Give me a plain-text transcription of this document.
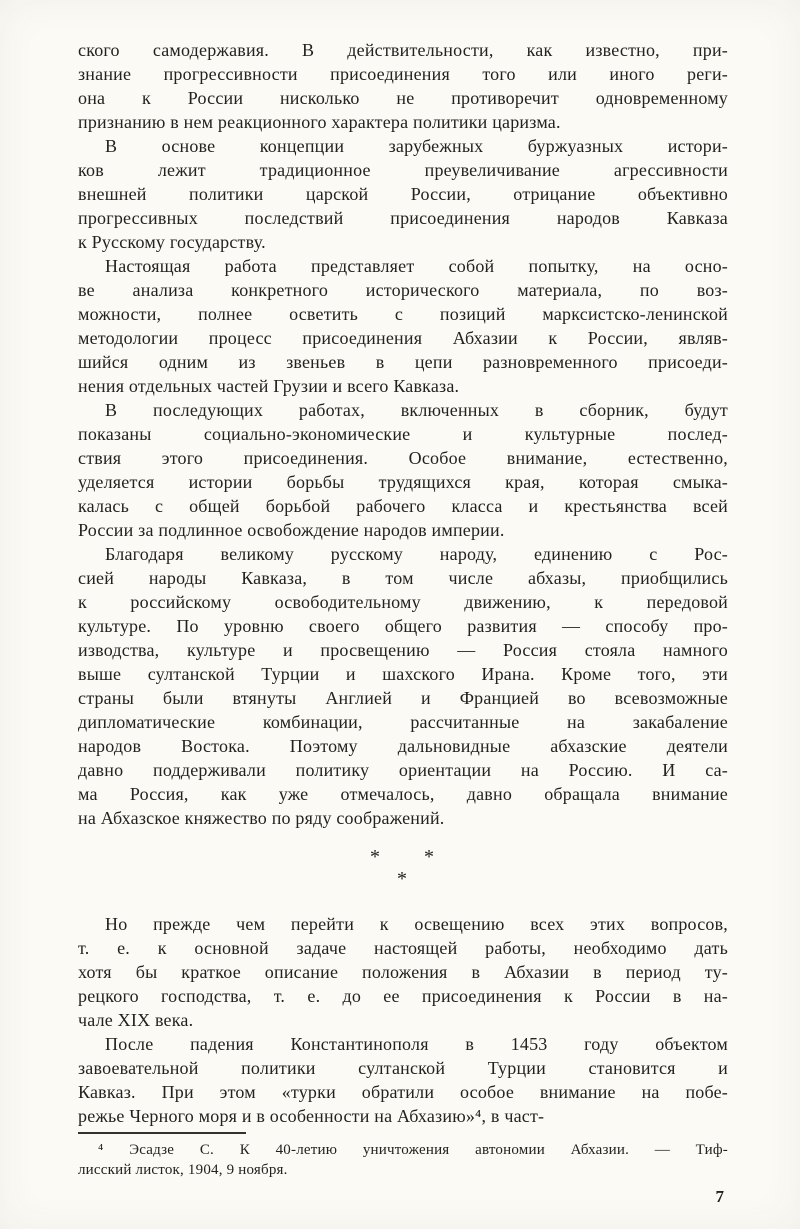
ского самодержавия. В действительности, как известно, при-
знание прогрессивности присоединения того или иного реги-
она к России нисколько не противоречит одновременному
признанию в нем реакционного характера политики царизма.
В основе концепции зарубежных буржуазных истори-
ков лежит традиционное преувеличивание агрессивности
внешней политики царской России, отрицание объективно
прогрессивных последствий присоединения народов Кавказа
к Русскому государству.
Настоящая работа представляет собой попытку, на осно-
ве анализа конкретного исторического материала, по воз-
можности, полнее осветить с позиций марксистско-ленинской
методологии процесс присоединения Абхазии к России, являв-
шийся одним из звеньев в цепи разновременного присоеди-
нения отдельных частей Грузии и всего Кавказа.
В последующих работах, включенных в сборник, будут
показаны социально-экономические и культурные послед-
ствия этого присоединения. Особое внимание, естественно,
уделяется истории борьбы трудящихся края, которая смыка-
калась с общей борьбой рабочего класса и крестьянства всей
России за подлинное освобождение народов империи.
Благодаря великому русскому народу, единению с Рос-
сией народы Кавказа, в том числе абхазы, приобщились
к российскому освободительному движению, к передовой
культуре. По уровню своего общего развития — способу про-
изводства, культуре и просвещению — Россия стояла намного
выше султанской Турции и шахского Ирана. Кроме того, эти
страны были втянуты Англией и Францией во всевозможные
дипломатические комбинации, рассчитанные на закабаление
народов Востока. Поэтому дальновидные абхазские деятели
давно поддерживали политику ориентации на Россию. И са-
ма Россия, как уже отмечалось, давно обращала внимание
на Абхазское княжество по ряду соображений.
*      *
*
Но прежде чем перейти к освещению всех этих вопросов,
т. е. к основной задаче настоящей работы, необходимо дать
хотя бы краткое описание положения в Абхазии в период ту-
рецкого господства, т. е. до ее присоединения к России в на-
чале XIX века.
После падения Константинополя в 1453 году объектом
завоевательной политики султанской Турции становится и
Кавказ. При этом «турки обратили особое внимание на побе-
режье Черного моря и в особенности на Абхазию»⁴, в част-
⁴ Эсадзе С. К 40-летию уничтожения автономии Абхазии. — Тиф-
лисский листок, 1904, 9 ноября.
7
